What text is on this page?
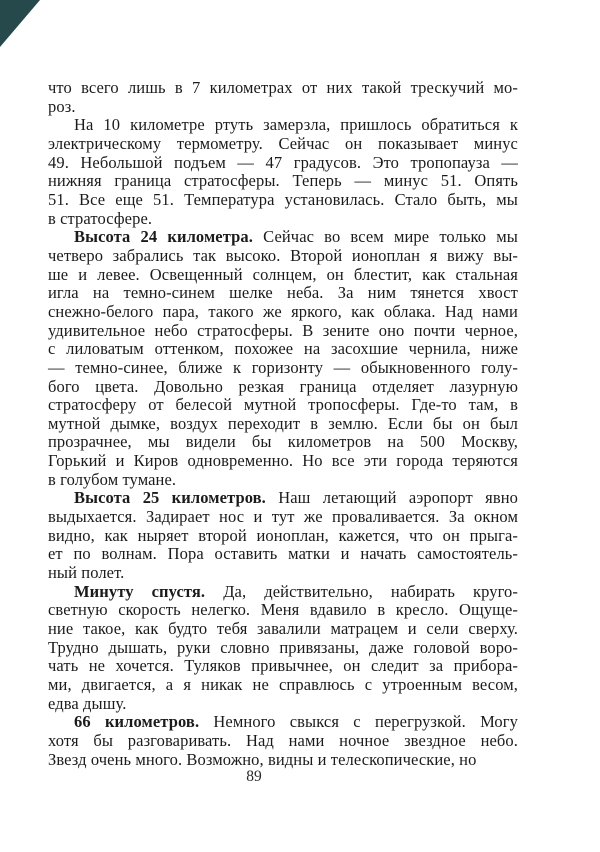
что всего лишь в 7 километрах от них такой трескучий мо-
роз.
На 10 километре ртуть замерзла, пришлось обратиться к
электрическому термометру. Сейчас он показывает минус
49. Небольшой подъем — 47 градусов. Это тропопауза —
нижняя граница стратосферы. Теперь — минус 51. Опять
51. Все еще 51. Температура установилась. Стало быть, мы
в стратосфере.
Высота 24 километра. Сейчас во всем мире только мы
четверо забрались так высоко. Второй ионоплан я вижу вы-
ше и левее. Освещенный солнцем, он блестит, как стальная
игла на темно-синем шелке неба. За ним тянется хвост
снежно-белого пара, такого же яркого, как облака. Над нами
удивительное небо стратосферы. В зените оно почти черное,
с лиловатым оттенком, похожее на засохшие чернила, ниже
— темно-синее, ближе к горизонту — обыкновенного голу-
бого цвета. Довольно резкая граница отделяет лазурную
стратосферу от белесой мутной тропосферы. Где-то там, в
мутной дымке, воздух переходит в землю. Если бы он был
прозрачнее, мы видели бы километров на 500 Москву,
Горький и Киров одновременно. Но все эти города теряются
в голубом тумане.
Высота 25 километров. Наш летающий аэропорт явно
выдыхается. Задирает нос и тут же проваливается. За окном
видно, как ныряет второй ионоплан, кажется, что он прыга-
ет по волнам. Пора оставить матки и начать самостоятель-
ный полет.
Минуту спустя. Да, действительно, набирать круго-
светную скорость нелегко. Меня вдавило в кресло. Ощуще-
ние такое, как будто тебя завалили матрацем и сели сверху.
Трудно дышать, руки словно привязаны, даже головой воро-
чать не хочется. Туляков привычнее, он следит за прибора-
ми, двигается, а я никак не справлюсь с утроенным весом,
едва дышу.
66 километров. Немного свыкся с перегрузкой. Могу
хотя бы разговаривать. Над нами ночное звездное небо.
Звезд очень много. Возможно, видны и телескопические, но
89
